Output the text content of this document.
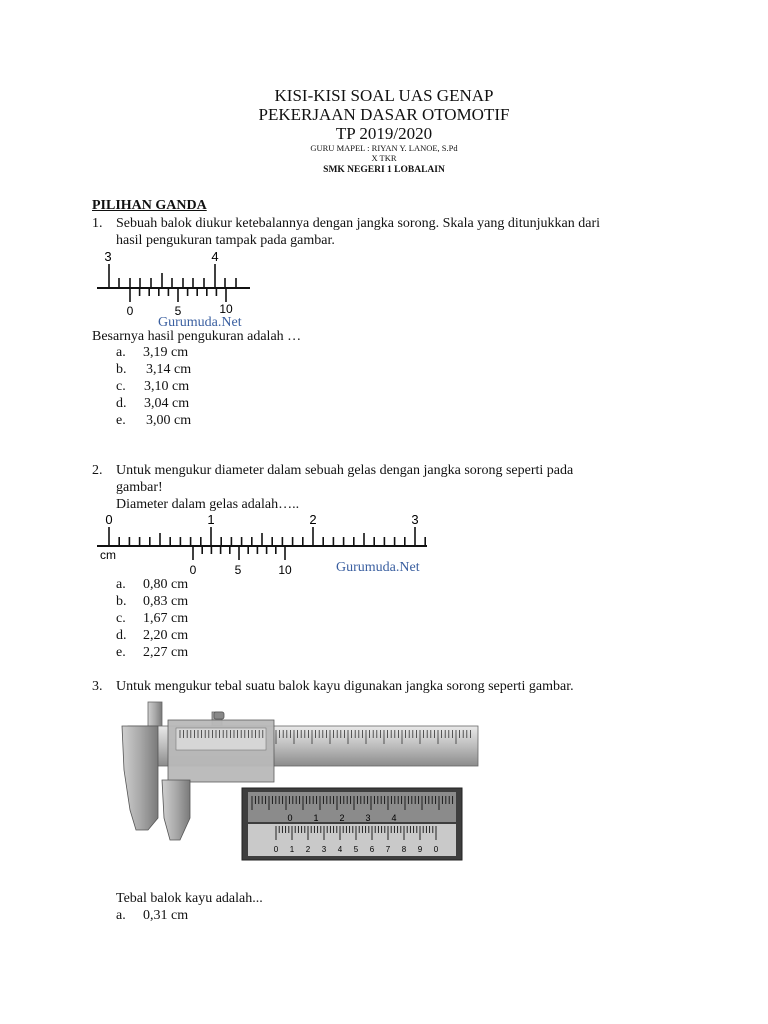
KISI-KISI SOAL UAS GENAP
PEKERJAAN DASAR OTOMOTIF
TP 2019/2020
GURU MAPEL : RIYAN Y. LANOE, S.Pd
X TKR
SMK NEGERI 1 LOBALAIN
PILIHAN GANDA
1. Sebuah balok diukur ketebalannya dengan jangka sorong. Skala yang ditunjukkan dari
hasil pengukuran tampak pada gambar.
3	4
0	5	10
Gurumuda.Net
Besarnya hasil pengukuran adalah …
a. 3,19 cm
b. 3,14 cm
c. 3,10 cm
d. 3,04 cm
e. 3,00 cm
2. Untuk mengukur diameter dalam sebuah gelas dengan jangka sorong seperti pada
gambar!
Diameter dalam gelas adalah…..
0	1	2	3
cm
0	5	10	Gurumuda.Net
a. 0,80 cm
b. 0,83 cm
c. 1,67 cm
d. 2,20 cm
e. 2,27 cm
3. Untuk mengukur tebal suatu balok kayu digunakan jangka sorong seperti gambar.
0 1 2 3 4
0 1 2 3 4 5 6 7 8 9 0
Tebal balok kayu adalah...
a. 0,31 cm
